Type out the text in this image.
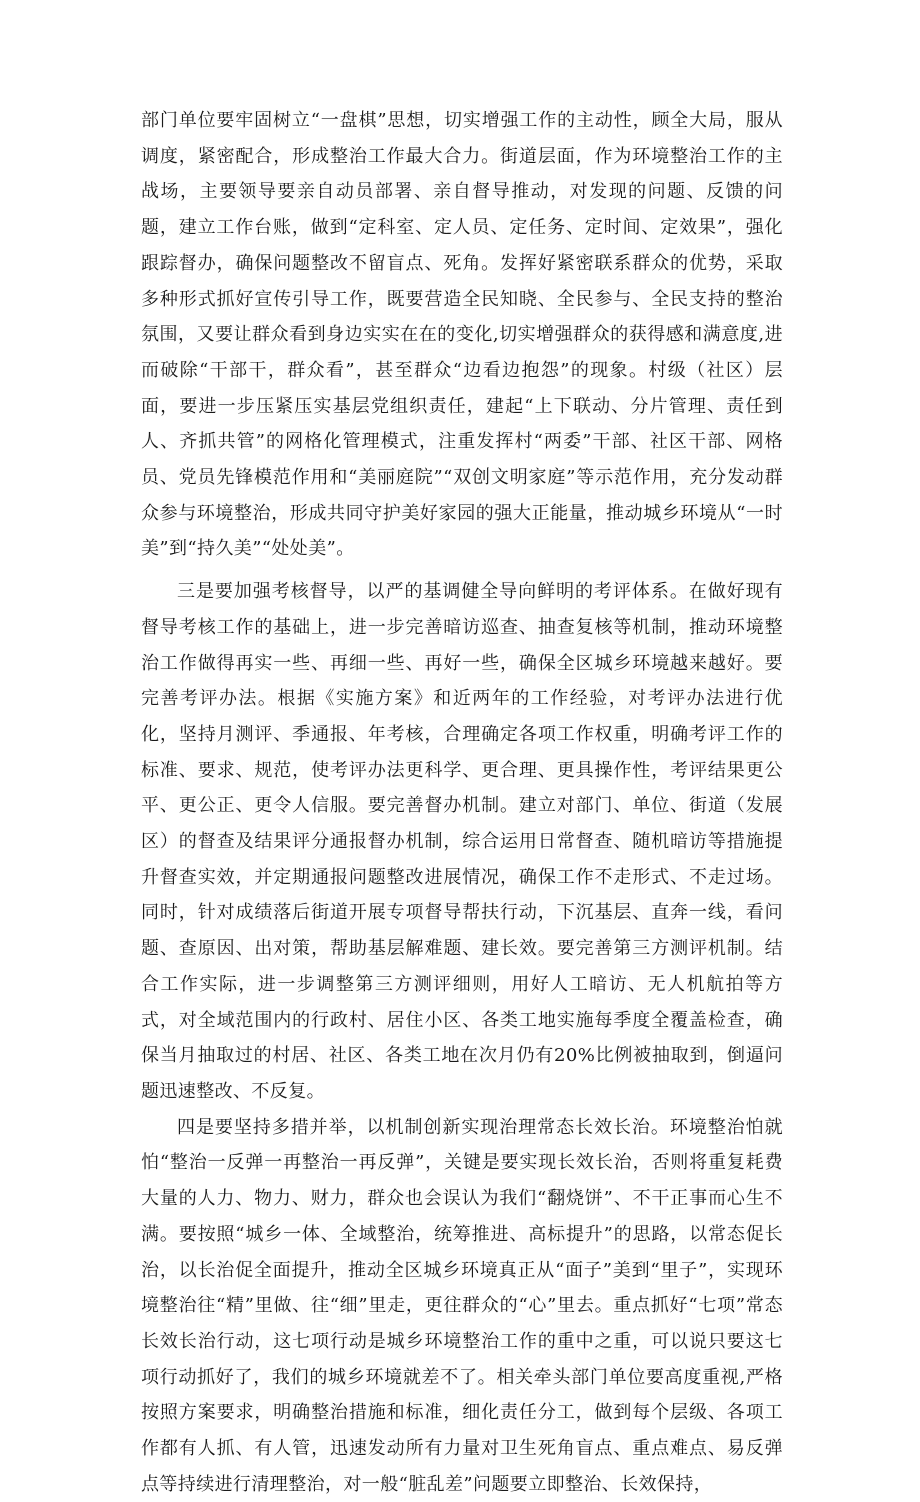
部门单位要牢固树立“一盘棋”思想，切实增强工作的主动性，顾全大局，服从调度，紧密配合，形成整治工作最大合力。街道层面，作为环境整治工作的主战场，主要领导要亲自动员部署、亲自督导推动，对发现的问题、反馈的问题，建立工作台账，做到“定科室、定人员、定任务、定时间、定效果”，强化跟踪督办，确保问题整改不留盲点、死角。发挥好紧密联系群众的优势，采取多种形式抓好宣传引导工作，既要营造全民知晓、全民参与、全民支持的整治氛围，又要让群众看到身边实实在在的变化,切实增强群众的获得感和满意度,进而破除“干部干，群众看”，甚至群众“边看边抱怨”的现象。村级（社区）层面，要进一步压紧压实基层党组织责任，建起“上下联动、分片管理、责任到人、齐抓共管”的网格化管理模式，注重发挥村“两委”干部、社区干部、网格员、党员先锋模范作用和“美丽庭院”“双创文明家庭”等示范作用，充分发动群众参与环境整治，形成共同守护美好家园的强大正能量，推动城乡环境从“一时美”到“持久美”“处处美”。

三是要加强考核督导，以严的基调健全导向鲜明的考评体系。在做好现有督导考核工作的基础上，进一步完善暗访巡查、抽查复核等机制，推动环境整治工作做得再实一些、再细一些、再好一些，确保全区城乡环境越来越好。要完善考评办法。根据《实施方案》和近两年的工作经验，对考评办法进行优化，坚持月测评、季通报、年考核，合理确定各项工作权重，明确考评工作的标准、要求、规范，使考评办法更科学、更合理、更具操作性，考评结果更公平、更公正、更令人信服。要完善督办机制。建立对部门、单位、街道（发展区）的督查及结果评分通报督办机制，综合运用日常督查、随机暗访等措施提升督查实效，并定期通报问题整改进展情况，确保工作不走形式、不走过场。同时，针对成绩落后街道开展专项督导帮扶行动，下沉基层、直奔一线，看问题、查原因、出对策，帮助基层解难题、建长效。要完善第三方测评机制。结合工作实际，进一步调整第三方测评细则，用好人工暗访、无人机航拍等方式，对全域范围内的行政村、居住小区、各类工地实施每季度全覆盖检查，确保当月抽取过的村居、社区、各类工地在次月仍有20%比例被抽取到，倒逼问题迅速整改、不反复。

四是要坚持多措并举，以机制创新实现治理常态长效长治。环境整治怕就怕“整治一反弹一再整治一再反弹”，关键是要实现长效长治，否则将重复耗费大量的人力、物力、财力，群众也会误认为我们“翻烧饼”、不干正事而心生不满。要按照“城乡一体、全域整治，统筹推进、高标提升”的思路，以常态促长治，以长治促全面提升，推动全区城乡环境真正从“面子”美到“里子”，实现环境整治往“精”里做、往“细”里走，更往群众的“心”里去。重点抓好“七项”常态长效长治行动，这七项行动是城乡环境整治工作的重中之重，可以说只要这七项行动抓好了，我们的城乡环境就差不了。相关牵头部门单位要高度重视,严格按照方案要求，明确整治措施和标准，细化责任分工，做到每个层级、各项工作都有人抓、有人管，迅速发动所有力量对卫生死角盲点、重点难点、易反弹点等持续进行清理整治，对一般“脏乱差”问题要立即整治、长效保持，
